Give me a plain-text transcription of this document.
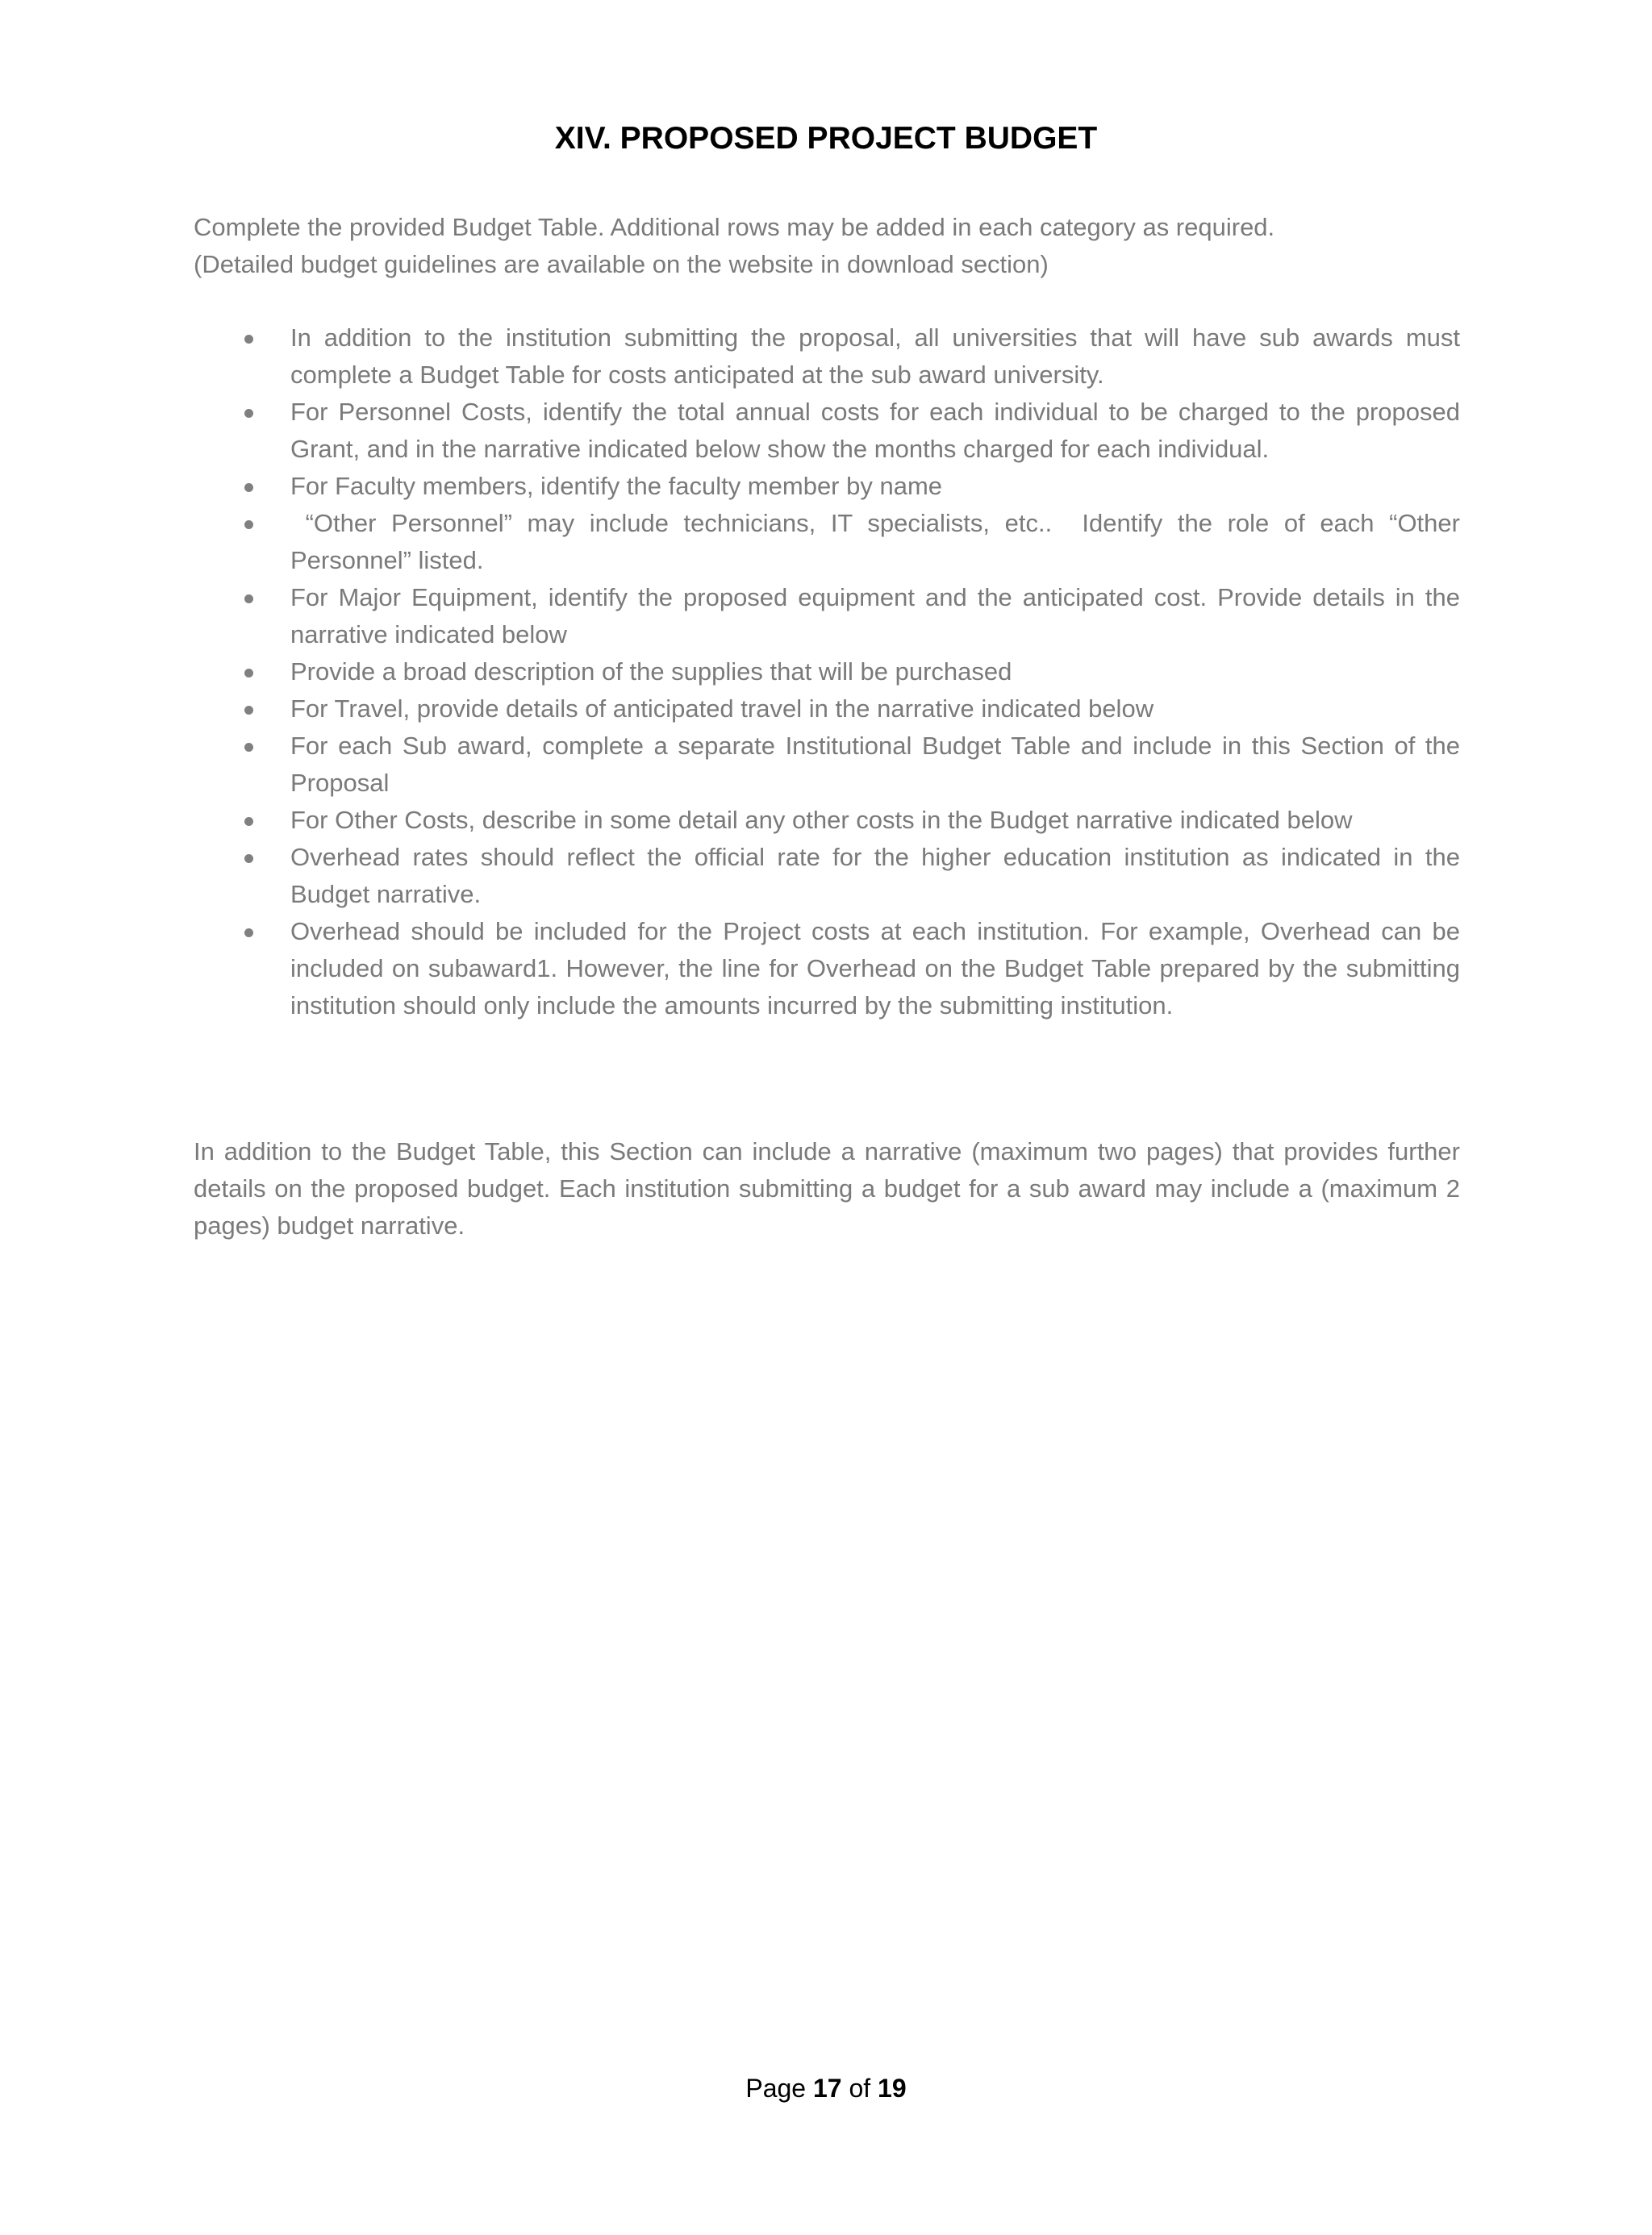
XIV. PROPOSED PROJECT BUDGET

Complete the provided Budget Table. Additional rows may be added in each category as required.

(Detailed budget guidelines are available on the website in download section)

In addition to the institution submitting the proposal, all universities that will have sub awards must complete a Budget Table for costs anticipated at the sub award university.
For Personnel Costs, identify the total annual costs for each individual to be charged to the proposed Grant, and in the narrative indicated below show the months charged for each individual.
For Faculty members, identify the faculty member by name
“Other Personnel” may include technicians, IT specialists, etc..  Identify the role of each “Other Personnel” listed.
For Major Equipment, identify the proposed equipment and the anticipated cost. Provide details in the narrative indicated below
Provide a broad description of the supplies that will be purchased
For Travel, provide details of anticipated travel in the narrative indicated below
For each Sub award, complete a separate Institutional Budget Table and include in this Section of the Proposal
For Other Costs, describe in some detail any other costs in the Budget narrative indicated below
Overhead rates should reflect the official rate for the higher education institution as indicated in the Budget narrative.
Overhead should be included for the Project costs at each institution. For example, Overhead can be included on subaward1. However, the line for Overhead on the Budget Table prepared by the submitting institution should only include the amounts incurred by the submitting institution.

In addition to the Budget Table, this Section can include a narrative (maximum two pages) that provides further details on the proposed budget. Each institution submitting a budget for a sub award may include a (maximum 2 pages) budget narrative.

Page 17 of 19
